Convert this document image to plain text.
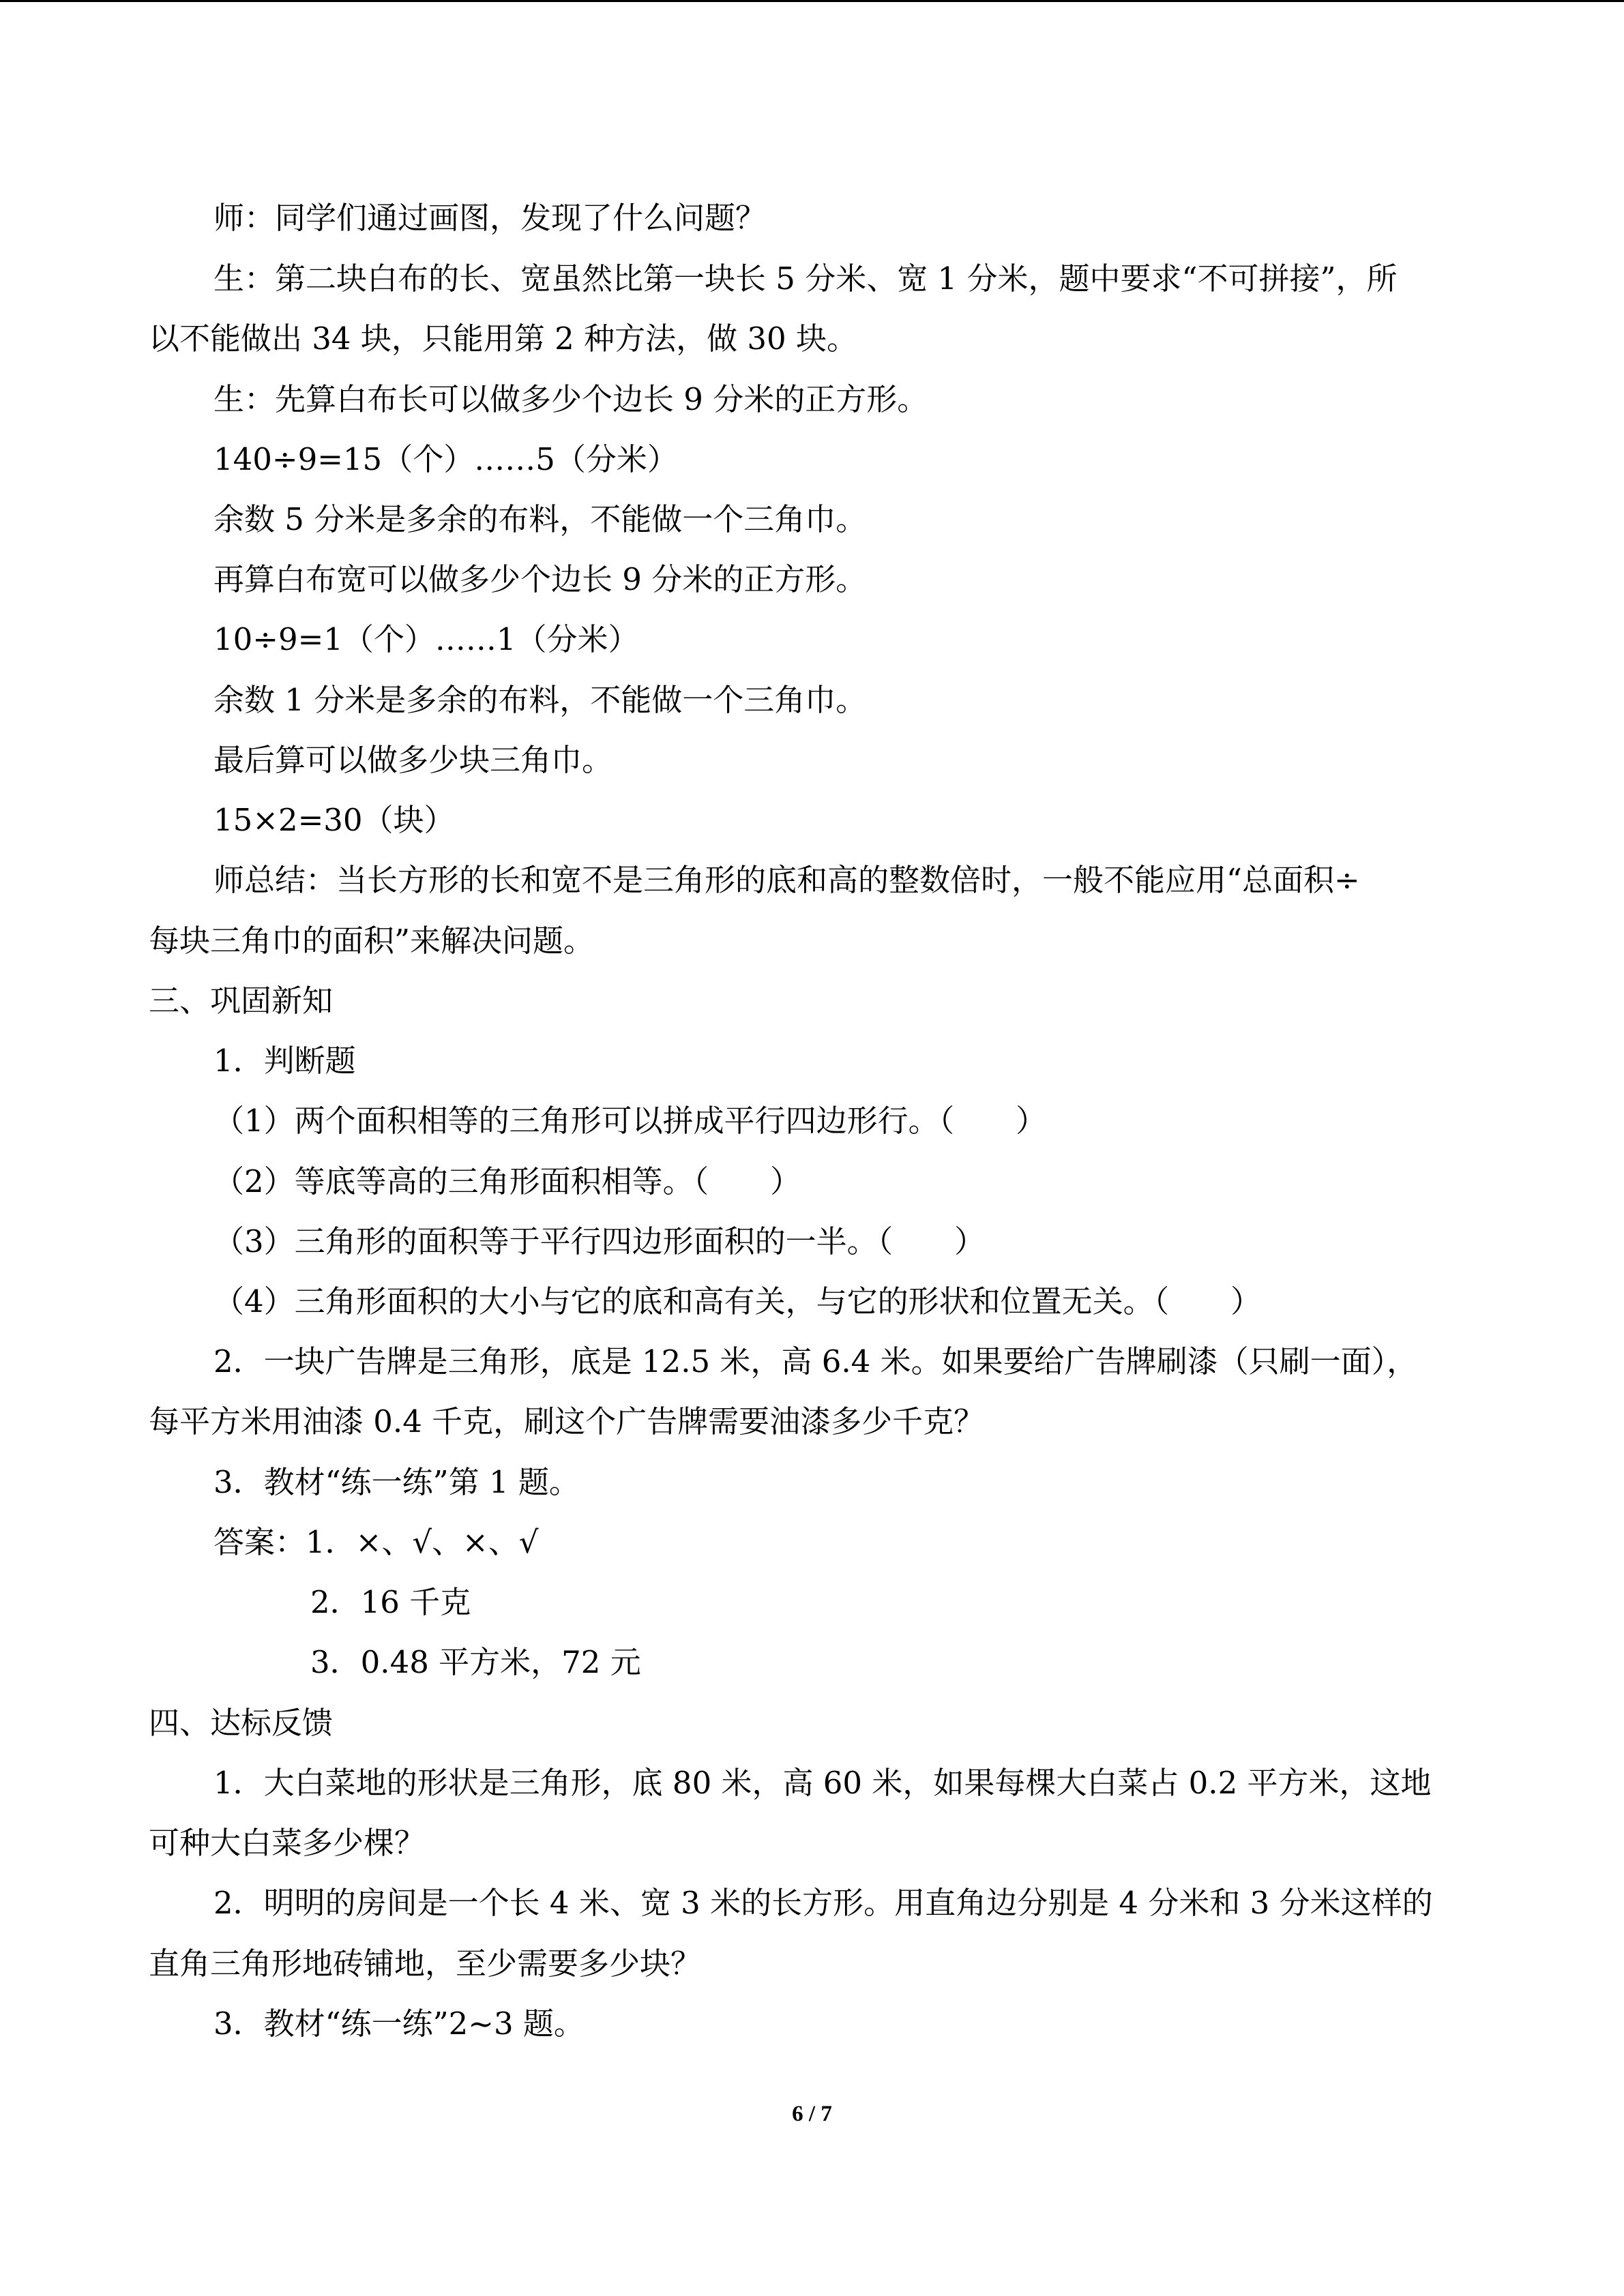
师：同学们通过画图，发现了什么问题？
生：第二块白布的长、宽虽然比第一块长 5 分米、宽 1 分米，题中要求“不可拼接”，所
以不能做出 34 块，只能用第 2 种方法，做 30 块。
生：先算白布长可以做多少个边长 9 分米的正方形。
140÷9=15（个）……5（分米）
余数 5 分米是多余的布料，不能做一个三角巾。
再算白布宽可以做多少个边长 9 分米的正方形。
10÷9=1（个）……1（分米）
余数 1 分米是多余的布料，不能做一个三角巾。
最后算可以做多少块三角巾。
15×2=30（块）
师总结：当长方形的长和宽不是三角形的底和高的整数倍时，一般不能应用“总面积÷
每块三角巾的面积”来解决问题。
三、巩固新知
1．判断题
（1）两个面积相等的三角形可以拼成平行四边形行。（　　）
（2）等底等高的三角形面积相等。（　　）
（3）三角形的面积等于平行四边形面积的一半。（　　）
（4）三角形面积的大小与它的底和高有关，与它的形状和位置无关。（　　）
2．一块广告牌是三角形，底是 12.5 米，高 6.4 米。如果要给广告牌刷漆（只刷一面），
每平方米用油漆 0.4 千克，刷这个广告牌需要油漆多少千克？
3．教材“练一练”第 1 题。
答案：1．×、√、×、√
2．16 千克
3．0.48 平方米，72 元
四、达标反馈
1．大白菜地的形状是三角形，底 80 米，高 60 米，如果每棵大白菜占 0.2 平方米，这地
可种大白菜多少棵？
2．明明的房间是一个长 4 米、宽 3 米的长方形。用直角边分别是 4 分米和 3 分米这样的
直角三角形地砖铺地，至少需要多少块？
3．教材“练一练”2~3 题。
6 / 7
